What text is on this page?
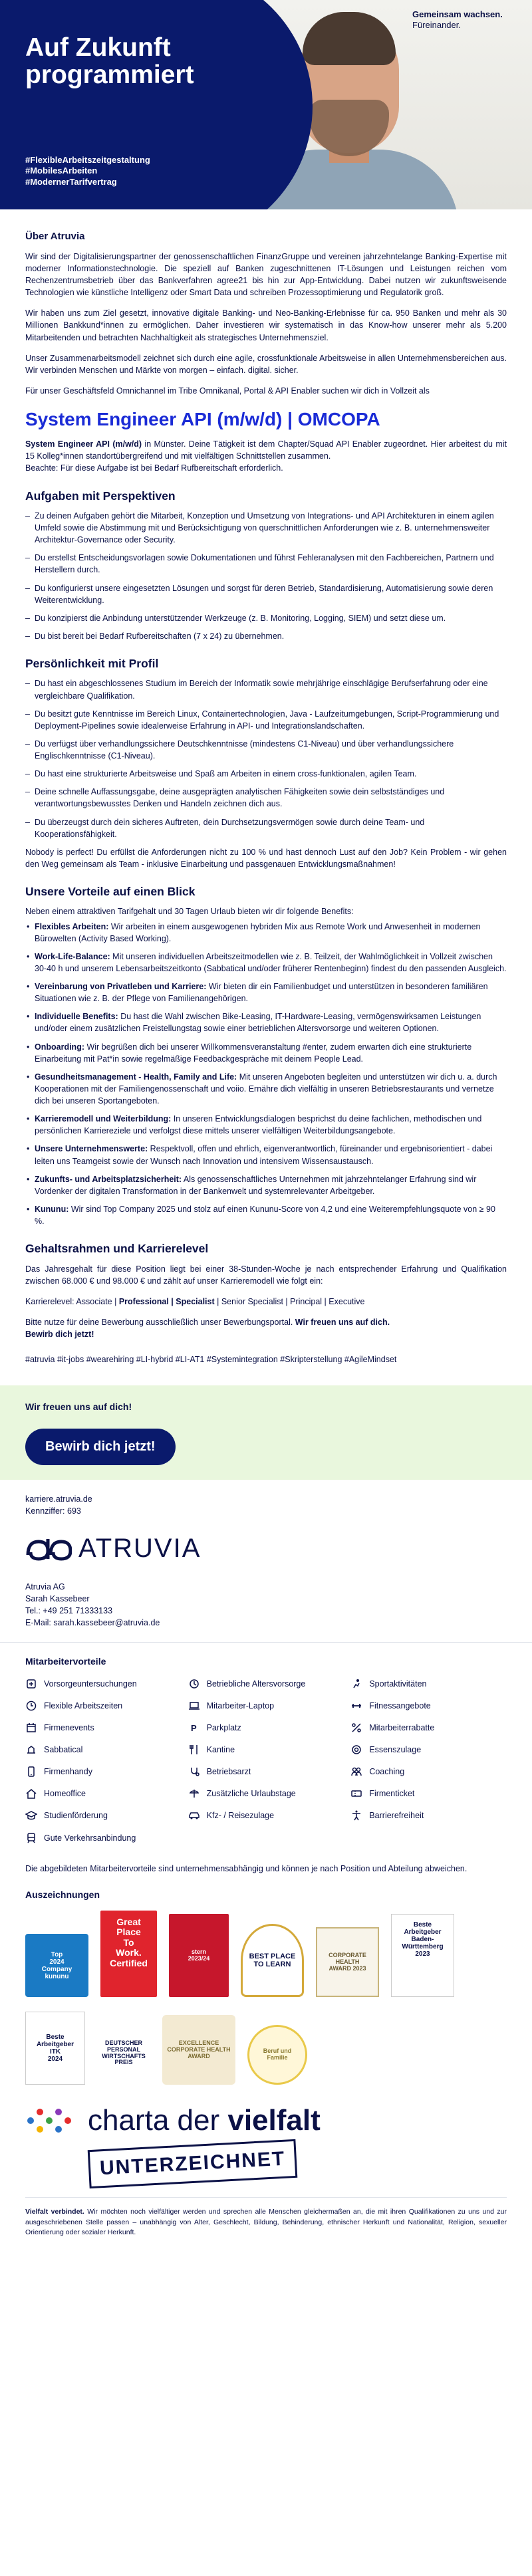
Auf Zukunft programmiert
#FlexibleArbeitszeitgestaltung
#MobilesArbeiten
#ModernerTarifvertrag
Gemeinsam wachsen.
Füreinander.
Über Atruvia

Wir sind der Digitalisierungspartner der genossenschaftlichen FinanzGruppe und vereinen jahrzehntelange Banking-Expertise mit moderner Informationstechnologie. Die speziell auf Banken zugeschnittenen IT-Lösungen und Leistungen reichen vom Rechenzentrumsbetrieb über das Bankverfahren agree21 bis hin zur App-Entwicklung. Dabei nutzen wir zukunftsweisende Technologien wie künstliche Intelligenz oder Smart Data und schreiben Prozessoptimierung und Regulatorik groß.

Wir haben uns zum Ziel gesetzt, innovative digitale Banking- und Neo-Banking-Erlebnisse für ca. 950 Banken und mehr als 30 Millionen Bankkund*innen zu ermöglichen. Daher investieren wir systematisch in das Know-how unserer mehr als 5.200 Mitarbeitenden und betrachten Nachhaltigkeit als strategisches Unternehmensziel.

Unser Zusammenarbeitsmodell zeichnet sich durch eine agile, crossfunktionale Arbeitsweise in allen Unternehmensbereichen aus. Wir verbinden Menschen und Märkte von morgen – einfach. digital. sicher.

Für unser Geschäftsfeld Omnichannel im Tribe Omnikanal, Portal & API Enabler suchen wir dich in Vollzeit als

System Engineer API (m/w/d) | OMCOPA

System Engineer API (m/w/d) in Münster. Deine Tätigkeit ist dem Chapter/Squad API Enabler zugeordnet. Hier arbeitest du mit 15 Kolleg*innen standortübergreifend und mit vielfältigen Schnittstellen zusammen.

Beachte: Für diese Aufgabe ist bei Bedarf Rufbereitschaft erforderlich.

Aufgaben mit Perspektiven
– Zu deinen Aufgaben gehört die Mitarbeit, Konzeption und Umsetzung von Integrations- und API Architekturen in einem agilen Umfeld sowie die Abstimmung mit und Berücksichtigung von querschnittlichen Anforderungen wie z. B. unternehmensweiter Architektur-Governance oder Security.
– Du erstellst Entscheidungsvorlagen sowie Dokumentationen und führst Fehleranalysen mit den Fachbereichen, Partnern und Herstellern durch.
– Du konfigurierst unsere eingesetzten Lösungen und sorgst für deren Betrieb, Standardisierung, Automatisierung sowie deren Weiterentwicklung.
– Du konzipierst die Anbindung unterstützender Werkzeuge (z. B. Monitoring, Logging, SIEM) und setzt diese um.
– Du bist bereit bei Bedarf Rufbereitschaften (7 x 24) zu übernehmen.
Persönlichkeit mit Profil
– Du hast ein abgeschlossenes Studium im Bereich der Informatik sowie mehrjährige einschlägige Berufserfahrung oder eine vergleichbare Qualifikation.
– Du besitzt gute Kenntnisse im Bereich Linux, Containertechnologien, Java - Laufzeitumgebungen, Script-Programmierung und Deployment-Pipelines sowie idealerweise Erfahrung in API- und Integrationslandschaften.
– Du verfügst über verhandlungssichere Deutschkenntnisse (mindestens C1-Niveau) und über verhandlungssichere Englischkenntnisse (C1-Niveau).
– Du hast eine strukturierte Arbeitsweise und Spaß am Arbeiten in einem cross-funktionalen, agilen Team.
– Deine schnelle Auffassungsgabe, deine ausgeprägten analytischen Fähigkeiten sowie dein selbstständiges und verantwortungsbewusstes Denken und Handeln zeichnen dich aus.
– Du überzeugst durch dein sicheres Auftreten, dein Durchsetzungsvermögen sowie durch deine Team- und Kooperationsfähigkeit.

Nobody is perfect! Du erfüllst die Anforderungen nicht zu 100 % und hast dennoch Lust auf den Job? Kein Problem - wir gehen den Weg gemeinsam als Team - inklusive Einarbeitung und passgenauen Entwicklungsmaßnahmen!

Unsere Vorteile auf einen Blick

Neben einem attraktiven Tarifgehalt und 30 Tagen Urlaub bieten wir dir folgende Benefits:

• Flexibles Arbeiten: Wir arbeiten in einem ausgewogenen hybriden Mix aus Remote Work und Anwesenheit in modernen Bürowelten (Activity Based Working).
• Work-Life-Balance: Mit unseren individuellen Arbeitszeitmodellen wie z. B. Teilzeit, der Wahlmöglichkeit in Vollzeit zwischen 30-40 h und unserem Lebensarbeitszeitkonto (Sabbatical und/oder früherer Rentenbeginn) findest du den passenden Ausgleich.
• Vereinbarung von Privatleben und Karriere: Wir bieten dir ein Familienbudget und unterstützen in besonderen familiären Situationen wie z. B. der Pflege von Familienangehörigen.
• Individuelle Benefits: Du hast die Wahl zwischen Bike-Leasing, IT-Hardware-Leasing, vermögenswirksamen Leistungen und/oder einem zusätzlichen Freistellungstag sowie einer betrieblichen Altersvorsorge und weiteren Optionen.
• Onboarding: Wir begrüßen dich bei unserer Willkommensveranstaltung #enter, zudem erwarten dich eine strukturierte Einarbeitung mit Pat*in sowie regelmäßige Feedbackgespräche mit deinem People Lead.
• Gesundheitsmanagement - Health, Family and Life: Mit unseren Angeboten begleiten und unterstützen wir dich u. a. durch Kooperationen mit der Familiengenossenschaft und voiio. Ernähre dich vielfältig in unseren Betriebsrestaurants und vernetze dich bei unseren Sportangeboten.
• Karrieremodell und Weiterbildung: In unseren Entwicklungsdialogen besprichst du deine fachlichen, methodischen und persönlichen Karriereziele und verfolgst diese mittels unserer vielfältigen Weiterbildungsangebote.
• Unsere Unternehmenswerte: Respektvoll, offen und ehrlich, eigenverantwortlich, füreinander und ergebnisorientiert - dabei leiten uns Teamgeist sowie der Wunsch nach Innovation und intensivem Wissensaustausch.
• Zukunfts- und Arbeitsplatzsicherheit: Als genossenschaftliches Unternehmen mit jahrzehntelanger Erfahrung sind wir Vordenker der digitalen Transformation in der Bankenwelt und systemrelevanter Arbeitgeber.
• Kununu: Wir sind Top Company 2025 und stolz auf einen Kununu-Score von 4,2 und eine Weiterempfehlungsquote von ≥ 90 %.
Gehaltsrahmen und Karrierelevel

Das Jahresgehalt für diese Position liegt bei einer 38-Stunden-Woche je nach entsprechender Erfahrung und Qualifikation zwischen 68.000 € und 98.000 € und zählt auf unser Karrieremodell wie folgt ein:

Karrierelevel: Associate | Professional | Specialist | Senior Specialist | Principal | Executive

Bitte nutze für deine Bewerbung ausschließlich unser Bewerbungsportal. Wir freuen uns auf dich.
Bewirb dich jetzt!

#atruvia #it-jobs #wearehiring #LI-hybrid #LI-AT1 #Systemintegration #Skripterstellung #AgileMindset

Wir freuen uns auf dich!
Bewirb dich jetzt!
karriere.atruvia.de
Kennziffer: 693
ATRUVIA
Atruvia AG
Sarah Kassebeer
Tel.: +49 251 71333133
E-Mail: sarah.kassebeer@atruvia.de
Mitarbeitervorteile
Vorsorgeuntersuchungen	Betriebliche Altersvorsorge	Sportaktivitäten
Flexible Arbeitszeiten	Mitarbeiter-Laptop	Fitnessangebote
Firmenevents	P Parkplatz	Mitarbeiterrabatte
Sabbatical	Kantine	Essenszulage
Firmenhandy	Betriebsarzt	Coaching
Homeoffice	Zusätzliche Urlaubstage	Firmenticket
Studienförderung	Kfz- / Reisezulage	Barrierefreiheit
Gute Verkehrsanbindung

Die abgebildeten Mitarbeitervorteile sind unternehmensabhängig und können je nach Position und Abteilung abweichen.

Auszeichnungen
Top
2024
Company
kununu
Great
Place
To
Work.
Certified
stern
2023/24	BEST PLACE
TO LEARN
CORPORATE HEALTH
AWARD 2023
Beste
Arbeitgeber
Baden-Württemberg
2023
Beste
Arbeitgeber
ITK
2024
DEUTSCHER
PERSONAL
WIRTSCHAFTS
PREIS
EXCELLENCE
CORPORATE HEALTH
AWARD
Beruf und
Familie
charta der vielfalt
UNTERZEICHNET

Vielfalt verbindet. Wir möchten noch vielfältiger werden und sprechen alle Menschen gleichermaßen an, die mit ihren Qualifikationen zu uns und zur ausgeschriebenen Stelle passen – unabhängig von Alter, Geschlecht, Bildung, Behinderung, ethnischer Herkunft und Nationalität, Religion, sexueller Orientierung oder sozialer Herkunft.
